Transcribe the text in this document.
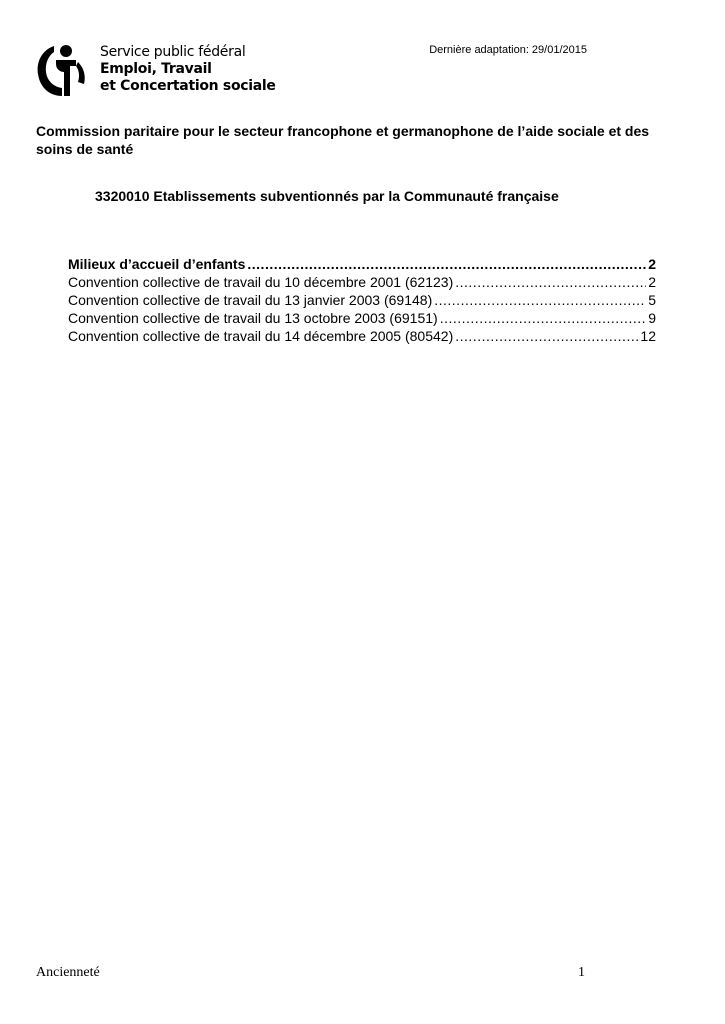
Service public fédéral
Emploi, Travail
et Concertation sociale
Dernière adaptation: 29/01/2015
Commission paritaire pour le secteur francophone et germanophone de l’aide sociale et des soins de santé
3320010 Etablissements subventionnés par la Communauté française
Milieux d’accueil d’enfants .....	2
Convention collective de travail du 10 décembre 2001 (62123) .....	2
Convention collective de travail du 13 janvier 2003 (69148) .....	5
Convention collective de travail du 13 octobre 2003 (69151) .....	9
Convention collective de travail du 14 décembre 2005 (80542) .....	12
Ancienneté	1
